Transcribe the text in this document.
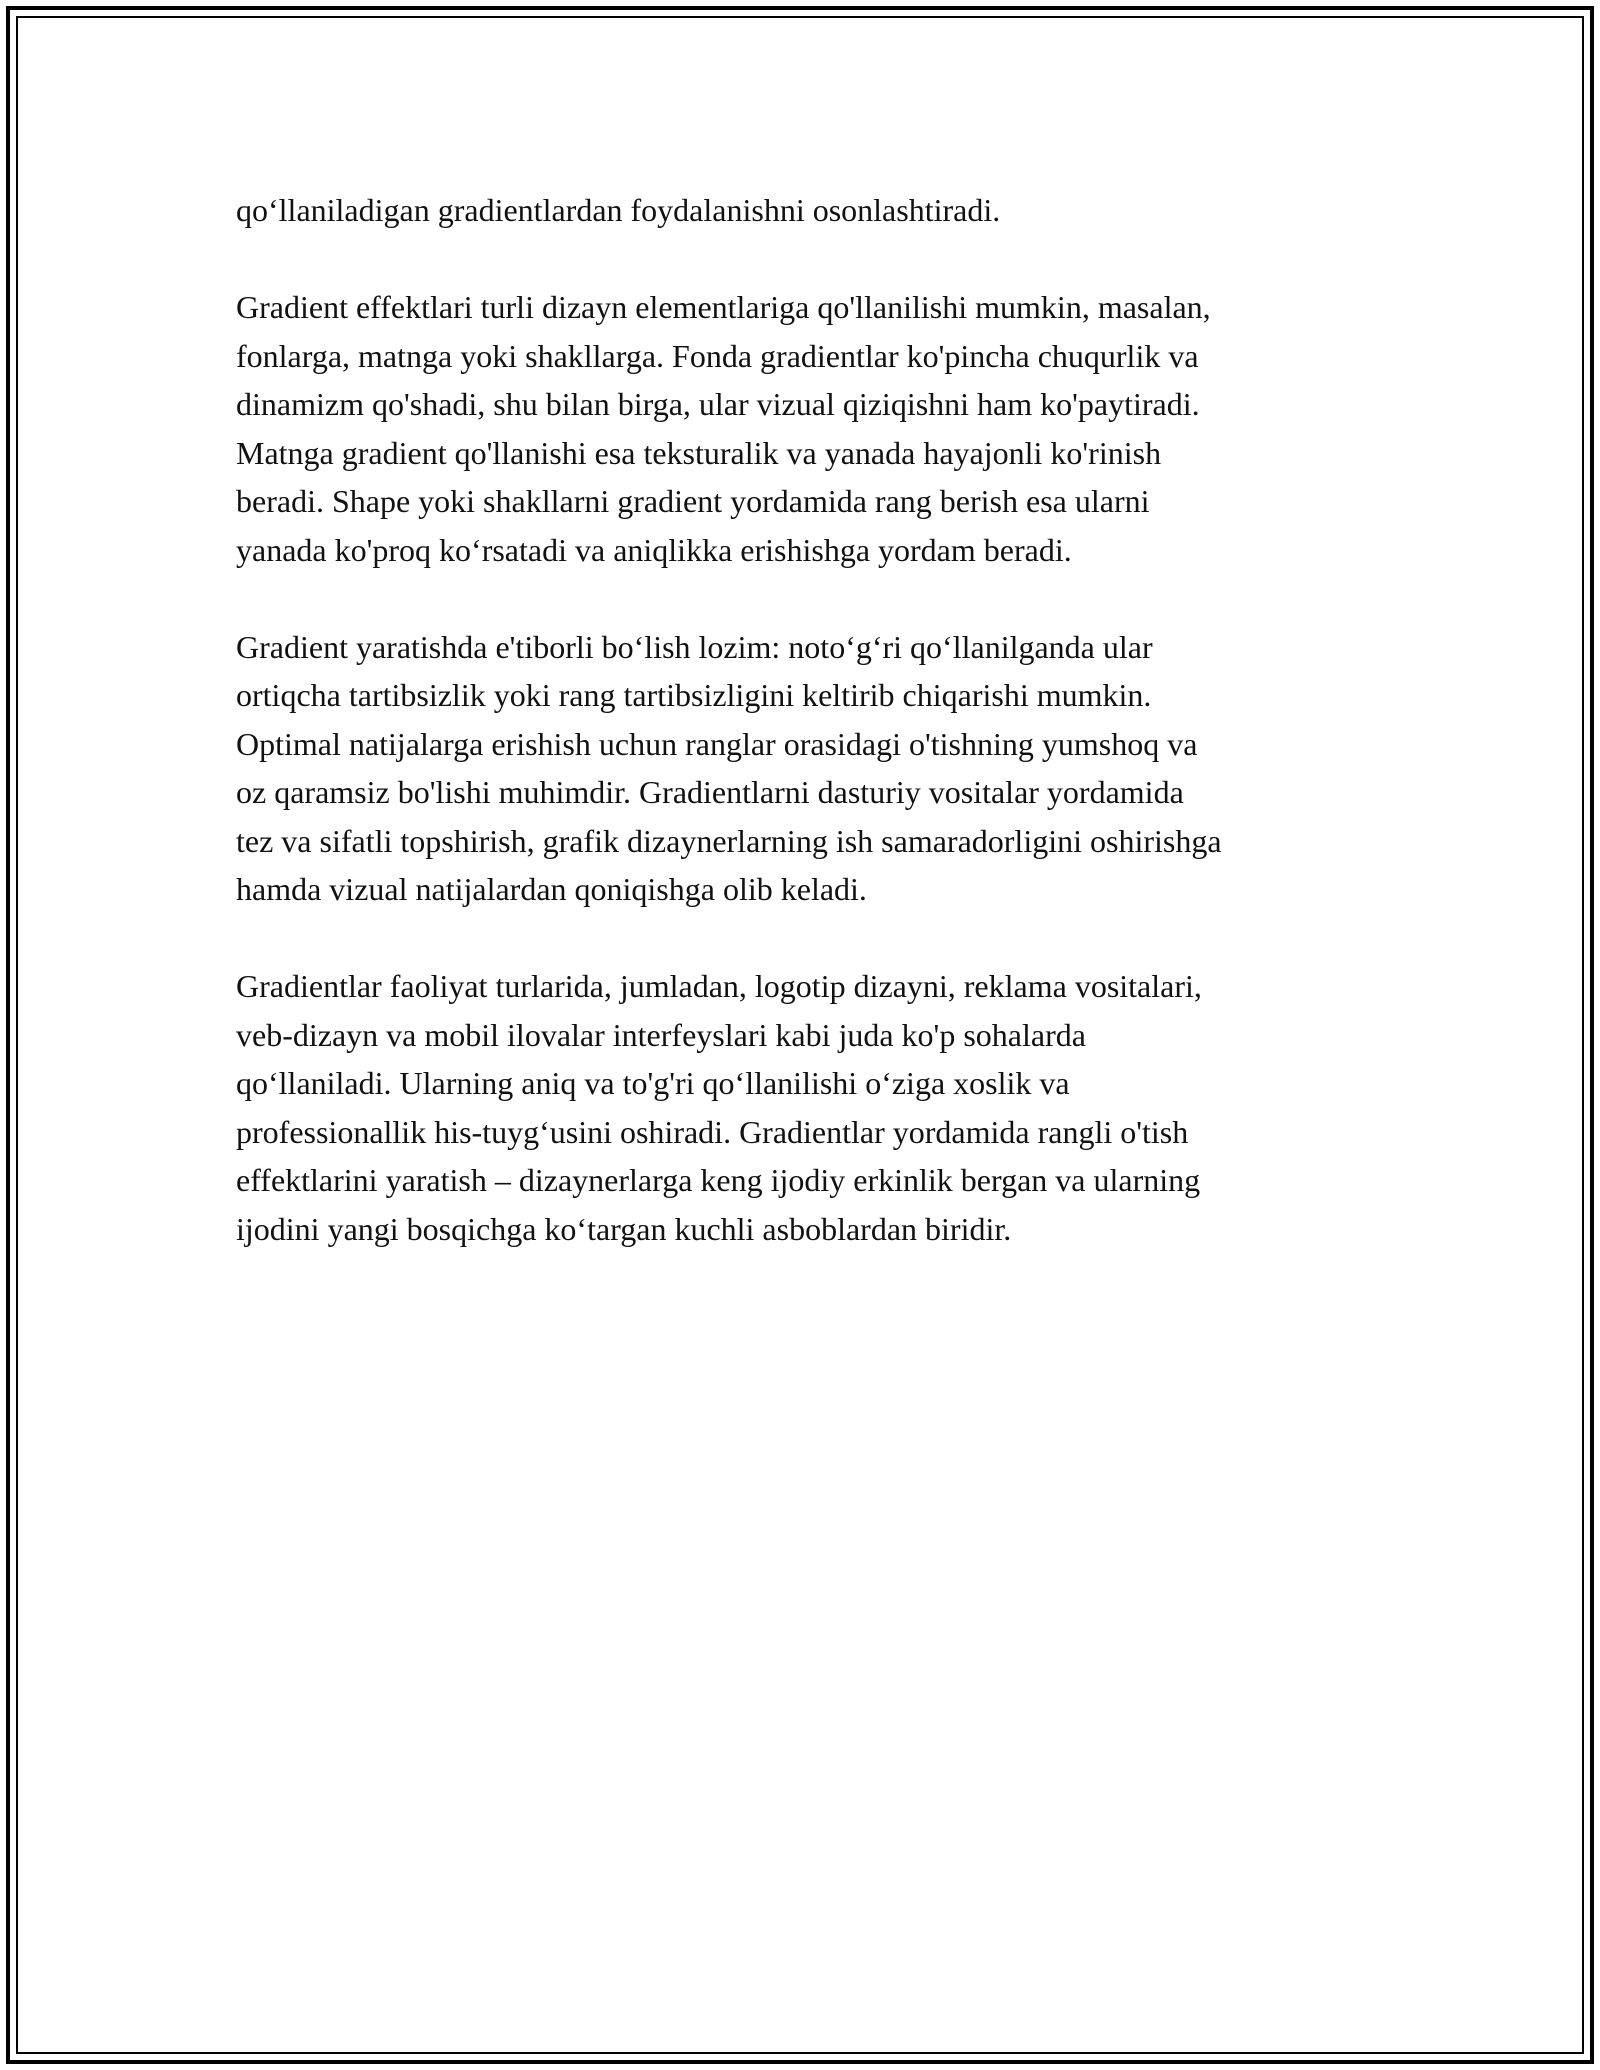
qo‘llaniladigan gradientlardan foydalanishni osonlashtiradi.

Gradient effektlari turli dizayn elementlariga qo'llanilishi mumkin, masalan,
fonlarga, matnga yoki shakllarga. Fonda gradientlar ko'pincha chuqurlik va
dinamizm qo'shadi, shu bilan birga, ular vizual qiziqishni ham ko'paytiradi.
Matnga gradient qo'llanishi esa teksturalik va yanada hayajonli ko'rinish
beradi. Shape yoki shakllarni gradient yordamida rang berish esa ularni
yanada ko'proq ko‘rsatadi va aniqlikka erishishga yordam beradi.

Gradient yaratishda e'tiborli bo‘lish lozim: noto‘g‘ri qo‘llanilganda ular
ortiqcha tartibsizlik yoki rang tartibsizligini keltirib chiqarishi mumkin.
Optimal natijalarga erishish uchun ranglar orasidagi o'tishning yumshoq va
oz qaramsiz bo'lishi muhimdir. Gradientlarni dasturiy vositalar yordamida
tez va sifatli topshirish, grafik dizaynerlarning ish samaradorligini oshirishga
hamda vizual natijalardan qoniqishga olib keladi.

Gradientlar faoliyat turlarida, jumladan, logotip dizayni, reklama vositalari,
veb-dizayn va mobil ilovalar interfeyslari kabi juda ko'p sohalarda
qo‘llaniladi. Ularning aniq va to'g'ri qo‘llanilishi o‘ziga xoslik va
professionallik his-tuyg‘usini oshiradi. Gradientlar yordamida rangli o'tish
effektlarini yaratish – dizaynerlarga keng ijodiy erkinlik bergan va ularning
ijodini yangi bosqichga ko‘targan kuchli asboblardan biridir.
